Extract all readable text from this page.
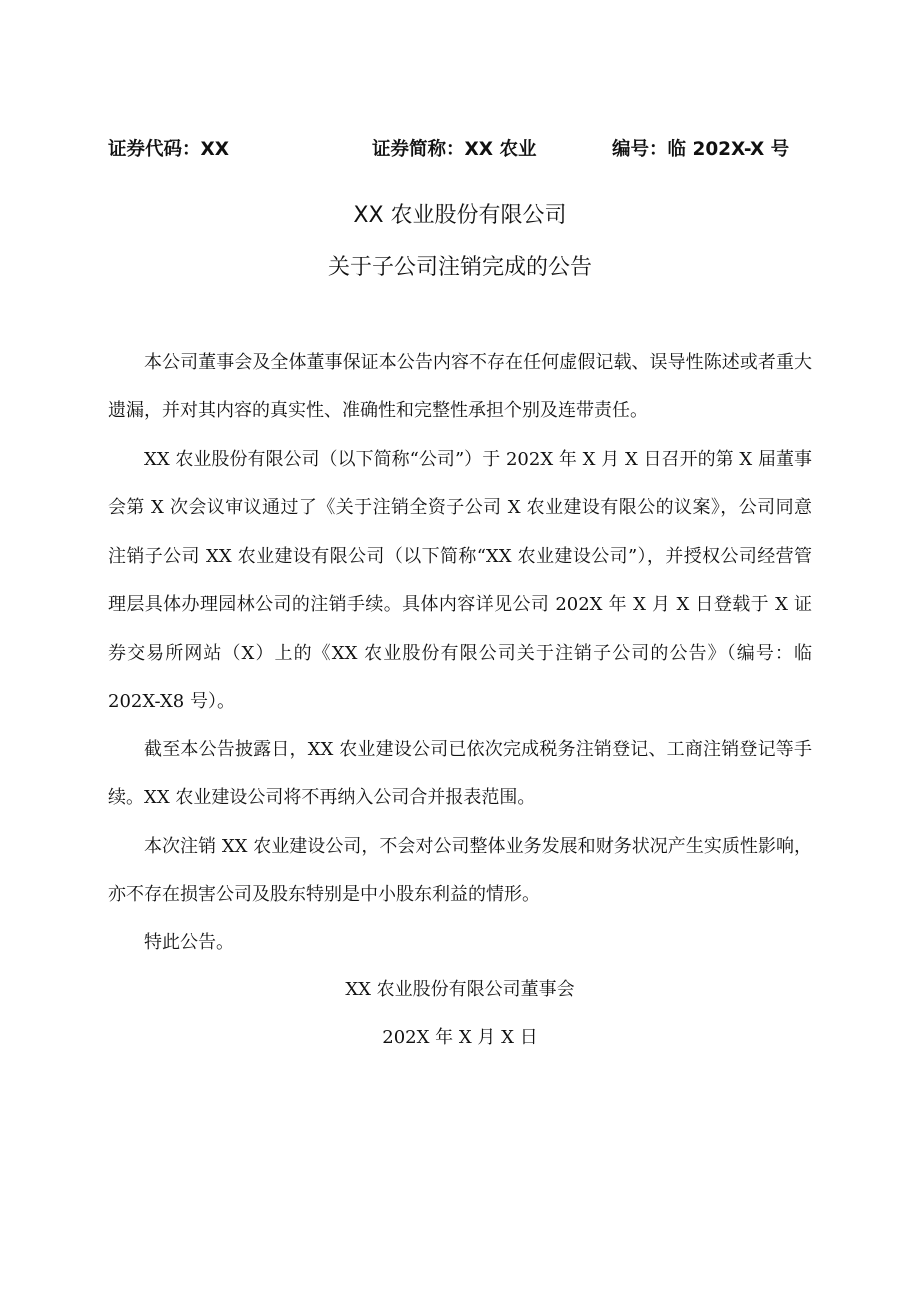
证券代码：XX	证券简称：XX 农业	编号：临 202X-X 号
XX 农业股份有限公司
关于子公司注销完成的公告

本公司董事会及全体董事保证本公告内容不存在任何虚假记载、误导性陈述或者重大遗漏，并对其内容的真实性、准确性和完整性承担个别及连带责任。

XX 农业股份有限公司（以下简称“公司”）于 202X 年 X 月 X 日召开的第 X 届董事会第 X 次会议审议通过了《关于注销全资子公司 X 农业建设有限公的议案》，公司同意注销子公司 XX 农业建设有限公司（以下简称“XX 农业建设公司”），并授权公司经营管理层具体办理园林公司的注销手续。具体内容详见公司 202X 年 X 月 X 日登载于 X 证券交易所网站（X）上的《XX 农业股份有限公司关于注销子公司的公告》（编号：临 202X-X8 号）。

截至本公告披露日，XX 农业建设公司已依次完成税务注销登记、工商注销登记等手续。XX 农业建设公司将不再纳入公司合并报表范围。

本次注销 XX 农业建设公司，不会对公司整体业务发展和财务状况产生实质性影响，亦不存在损害公司及股东特别是中小股东利益的情形。

特此公告。

XX 农业股份有限公司董事会
202X 年 X 月 X 日
